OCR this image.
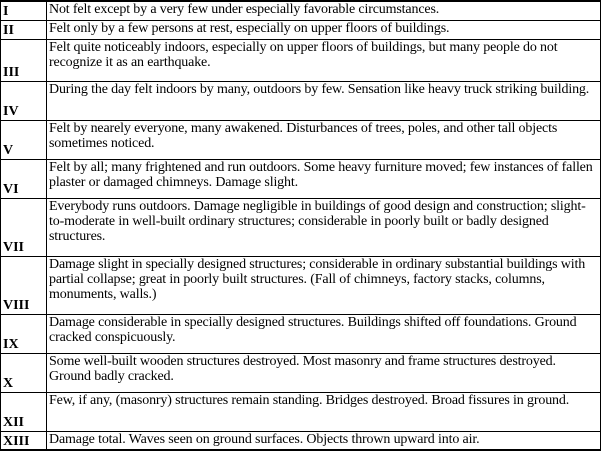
I	Not felt except by a very few under especially favorable circumstances.
II	Felt only by a few persons at rest, especially on upper floors of buildings.
III	Felt quite noticeably indoors, especially on upper floors of buildings, but many people do not recognize it as an earthquake.
IV	During the day felt indoors by many, outdoors by few. Sensation like heavy truck striking building.
V	Felt by nearely everyone, many awakened. Disturbances of trees, poles, and other tall objects sometimes noticed.
VI	Felt by all; many frightened and run outdoors. Some heavy furniture moved; few instances of fallen plaster or damaged chimneys. Damage slight.
VII	Everybody runs outdoors. Damage negligible in buildings of good design and construction; slight-to-moderate in well-built ordinary structures; considerable in poorly built or badly designed structures.
VIII	Damage slight in specially designed structures; considerable in ordinary substantial buildings with partial collapse; great in poorly built structures. (Fall of chimneys, factory stacks, columns, monuments, walls.)
IX	Damage considerable in specially designed structures. Buildings shifted off foundations. Ground cracked conspicuously.
X	Some well-built wooden structures destroyed. Most masonry and frame structures destroyed. Ground badly cracked.
XII	Few, if any, (masonry) structures remain standing. Bridges destroyed. Broad fissures in ground.
XIII	Damage total. Waves seen on ground surfaces. Objects thrown upward into air.
